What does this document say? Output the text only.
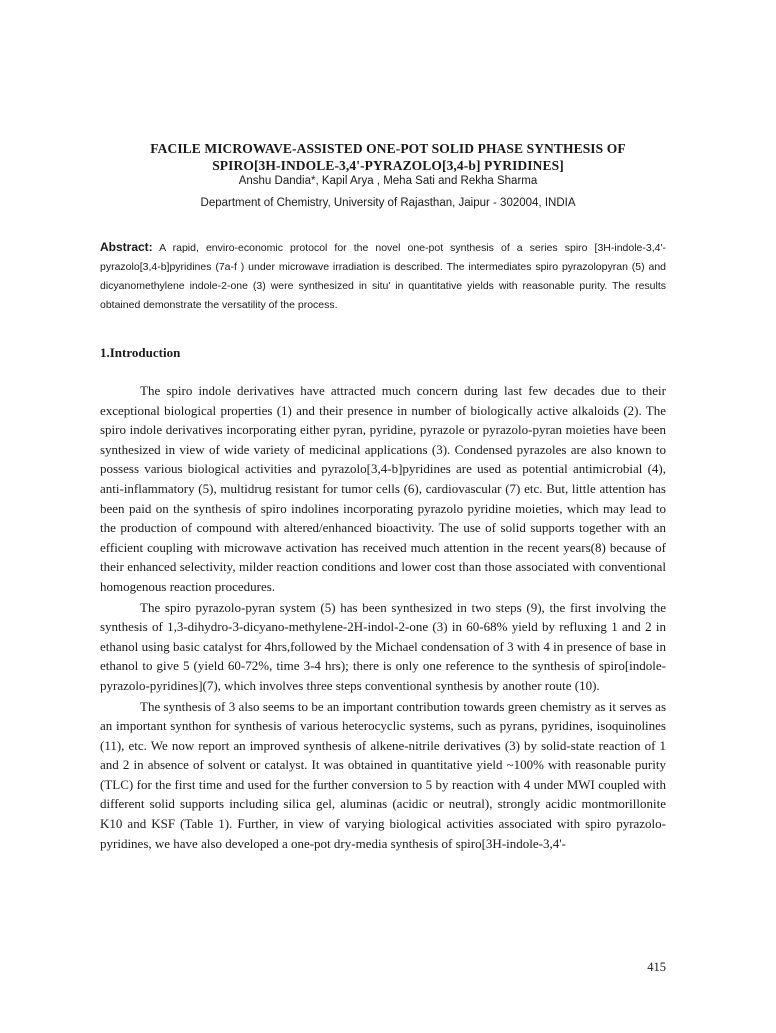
FACILE MICROWAVE-ASSISTED ONE-POT SOLID PHASE SYNTHESIS OF
SPIRO[3H-INDOLE-3,4'-PYRAZOLO[3,4-b] PYRIDINES]
Anshu Dandia*, Kapil Arya , Meha Sati and Rekha Sharma
Department of Chemistry, University of Rajasthan, Jaipur - 302004, INDIA
Abstract: A rapid, enviro-economic protocol for the novel one-pot synthesis of a series spiro [3H-indole-3,4'-pyrazolo[3,4-b]pyridines (7a-f ) under microwave irradiation is described. The intermediates spiro pyrazolopyran (5) and dicyanomethylene indole-2-one (3) were synthesized in situ' in quantitative yields with reasonable purity. The results obtained demonstrate the versatility of the process.
1.Introduction

The spiro indole derivatives have attracted much concern during last few decades due to their exceptional biological properties (1) and their presence in number of biologically active alkaloids (2). The spiro indole derivatives incorporating either pyran, pyridine, pyrazole or pyrazolo-pyran moieties have been synthesized in view of wide variety of medicinal applications (3). Condensed pyrazoles are also known to possess various biological activities and pyrazolo[3,4-b]pyridines are used as potential antimicrobial (4), anti-inflammatory (5), multidrug resistant for tumor cells (6), cardiovascular (7) etc. But, little attention has been paid on the synthesis of spiro indolines incorporating pyrazolo pyridine moieties, which may lead to the production of compound with altered/enhanced bioactivity. The use of solid supports together with an efficient coupling with microwave activation has received much attention in the recent years(8) because of their enhanced selectivity, milder reaction conditions and lower cost than those associated with conventional homogenous reaction procedures.

The spiro pyrazolo-pyran system (5) has been synthesized in two steps (9), the first involving the synthesis of 1,3-dihydro-3-dicyano-methylene-2H-indol-2-one (3) in 60-68% yield by refluxing 1 and 2 in ethanol using basic catalyst for 4hrs,followed by the Michael condensation of 3 with 4 in presence of base in ethanol to give 5 (yield 60-72%, time 3-4 hrs); there is only one reference to the synthesis of spiro[indole-pyrazolo-pyridines](7), which involves three steps conventional synthesis by another route (10).

The synthesis of 3 also seems to be an important contribution towards green chemistry as it serves as an important synthon for synthesis of various heterocyclic systems, such as pyrans, pyridines, isoquinolines (11), etc. We now report an improved synthesis of alkene-nitrile derivatives (3) by solid-state reaction of 1 and 2 in absence of solvent or catalyst. It was obtained in quantitative yield ~100% with reasonable purity (TLC) for the first time and used for the further conversion to 5 by reaction with 4 under MWI coupled with different solid supports including silica gel, aluminas (acidic or neutral), strongly acidic montmorillonite K10 and KSF (Table 1). Further, in view of varying biological activities associated with spiro pyrazolo-pyridines, we have also developed a one-pot dry-media synthesis of spiro[3H-indole-3,4'-

415
